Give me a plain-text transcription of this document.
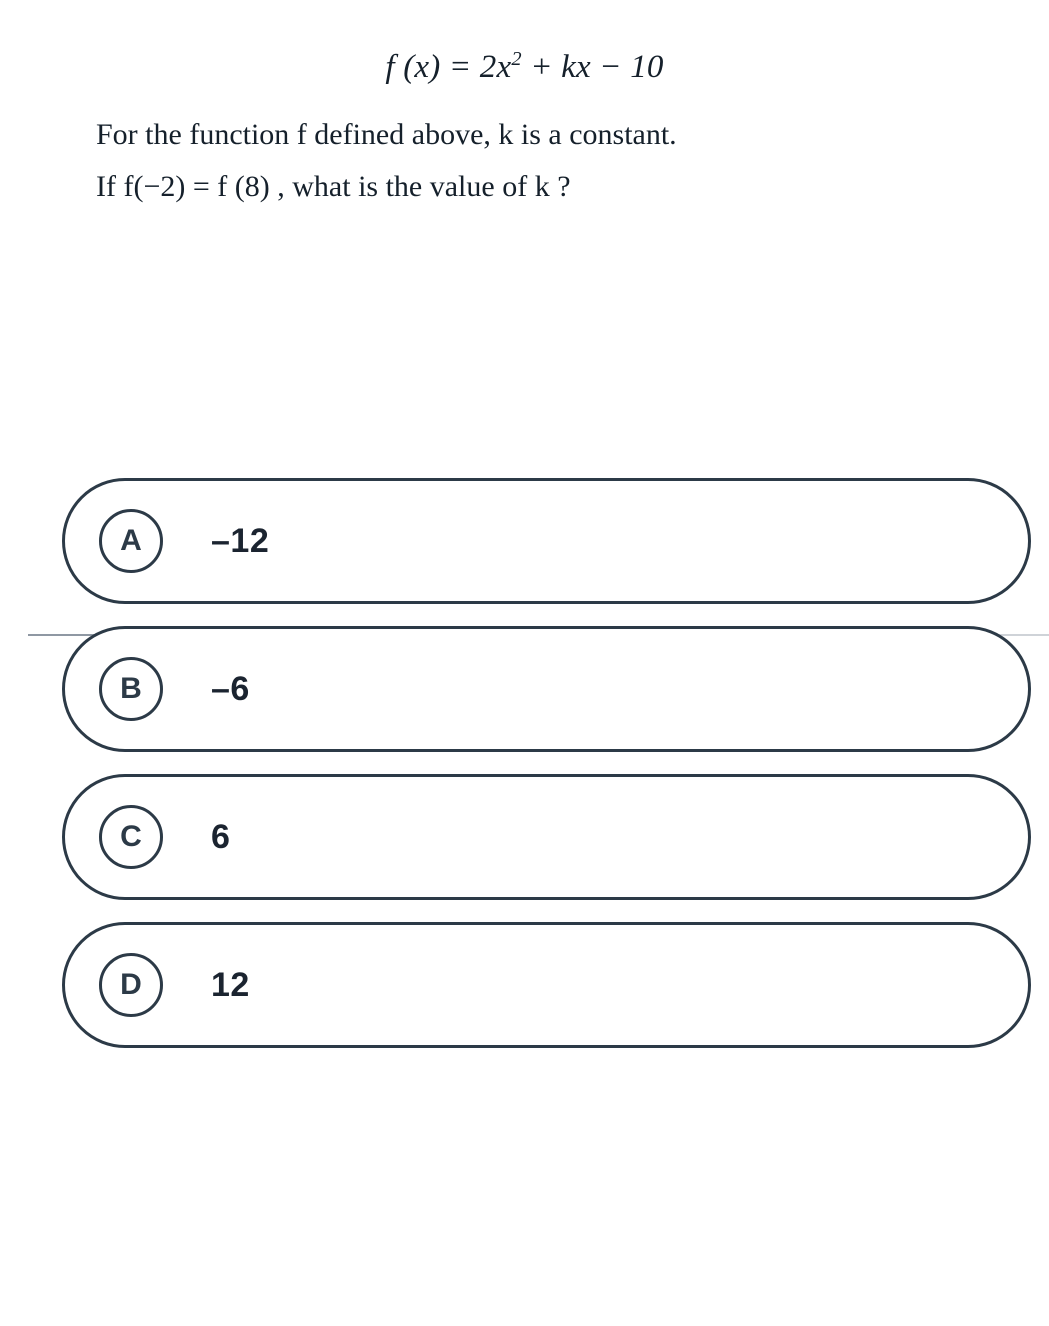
f $(x) = 2x^2$ + kx − 10
For the function f defined above, k is a constant.
If f(−2) = f (8) , what is the value of k ?
A	–12
B	–6
C	6
D	12
